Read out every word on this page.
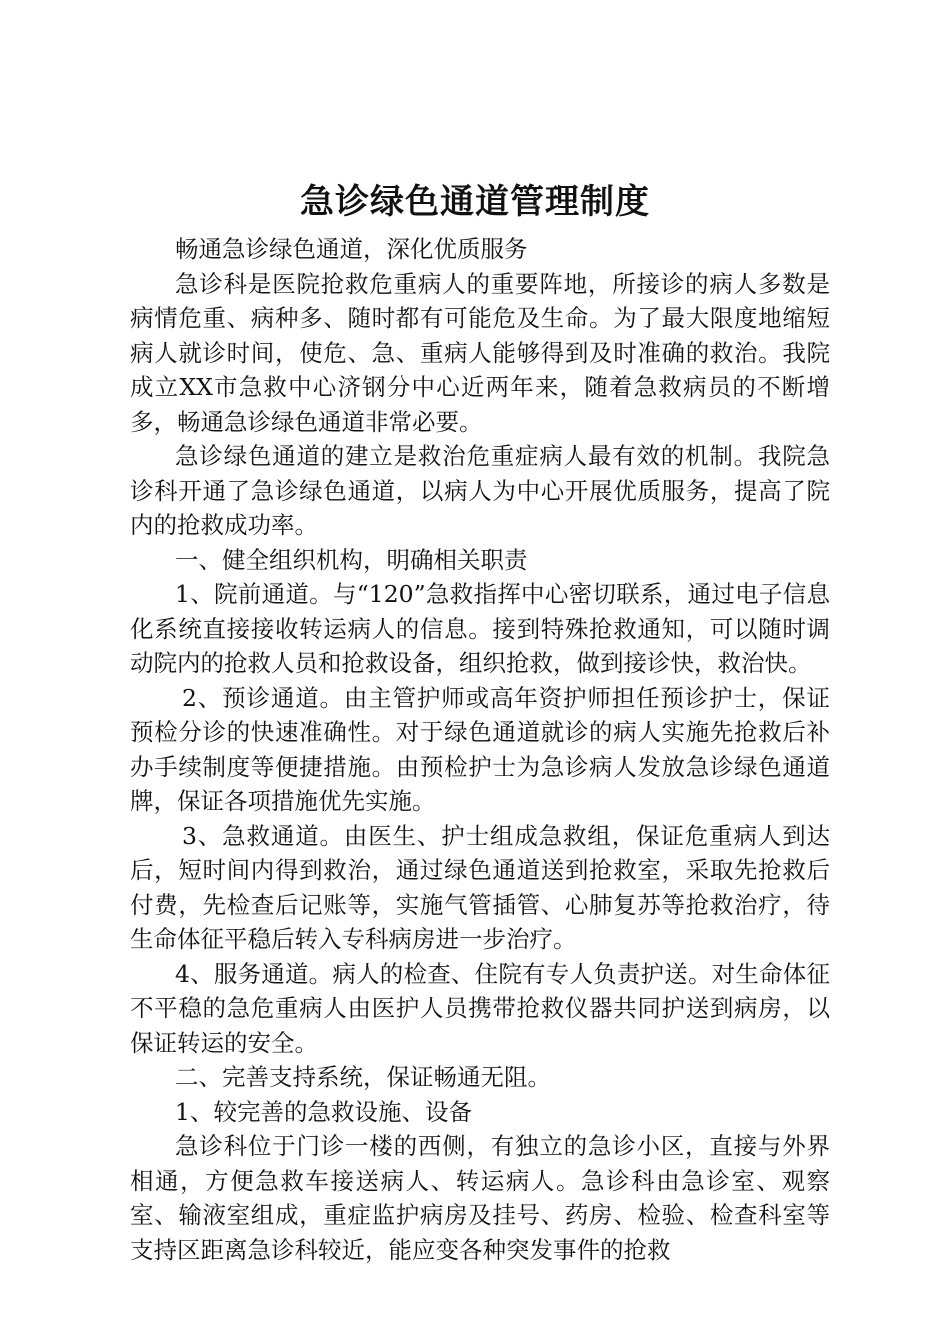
急诊绿色通道管理制度

畅通急诊绿色通道，深化优质服务

急诊科是医院抢救危重病人的重要阵地，所接诊的病人多数是病情危重、病种多、随时都有可能危及生命。为了最大限度地缩短病人就诊时间，使危、急、重病人能够得到及时准确的救治。我院成立XX市急救中心济钢分中心近两年来，随着急救病员的不断增多，畅通急诊绿色通道非常必要。

急诊绿色通道的建立是救治危重症病人最有效的机制。我院急诊科开通了急诊绿色通道，以病人为中心开展优质服务，提高了院内的抢救成功率。

一、健全组织机构，明确相关职责

1、院前通道。与“120”急救指挥中心密切联系，通过电子信息化系统直接接收转运病人的信息。接到特殊抢救通知，可以随时调动院内的抢救人员和抢救设备，组织抢救，做到接诊快，救治快。

2、预诊通道。由主管护师或高年资护师担任预诊护士，保证预检分诊的快速准确性。对于绿色通道就诊的病人实施先抢救后补办手续制度等便捷措施。由预检护士为急诊病人发放急诊绿色通道牌，保证各项措施优先实施。

3、急救通道。由医生、护士组成急救组，保证危重病人到达后，短时间内得到救治，通过绿色通道送到抢救室，采取先抢救后付费，先检查后记账等，实施气管插管、心肺复苏等抢救治疗，待生命体征平稳后转入专科病房进一步治疗。

4、服务通道。病人的检查、住院有专人负责护送。对生命体征不平稳的急危重病人由医护人员携带抢救仪器共同护送到病房，以保证转运的安全。

二、完善支持系统，保证畅通无阻。

1、较完善的急救设施、设备

急诊科位于门诊一楼的西侧，有独立的急诊小区，直接与外界相通，方便急救车接送病人、转运病人。急诊科由急诊室、观察室、输液室组成，重症监护病房及挂号、药房、检验、检查科室等支持区距离急诊科较近，能应变各种突发事件的抢救
